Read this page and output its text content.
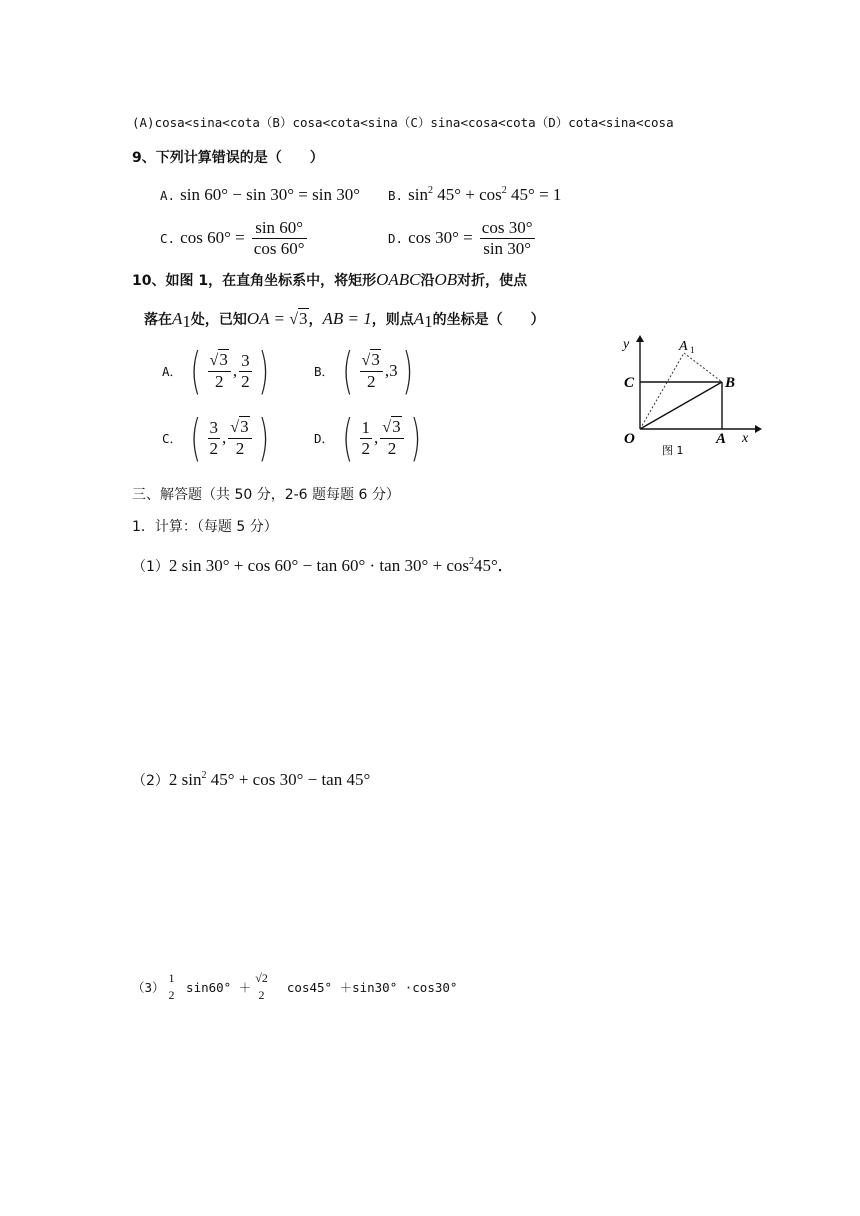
(A)cosa<sina<cota（B）cosa<cota<sina（C）sina<cosa<cota（D）cota<sina<cosa
9、下列计算错误的是（　　）
A. sin 60° − sin 30° = sin 30° B. $\sin^2 45^\circ + \cos^2 45^\circ = 1$
C. $\cos 60^\circ = \frac{\sin 60^\circ}{\cos 60^\circ}$	D. $\cos 30^\circ = \frac{\cos 30^\circ}{\sin 30^\circ}$
10、如图 1，在直角坐标系中，将矩形OABC沿OB对折，使点
落在$A_1$处，已知OA = √3，AB = 1，则点$A_1$的坐标是（　　）
A． ( $\frac{√3}{2}$ , $\frac{3}{2}$ )	B． ( $\frac{√3}{2}$ , 3 )
C． ( $\frac{3}{2}$ , $\frac{√3}{2}$ )	D． ( $\frac{1}{2}$ , $\frac{√3}{2}$ )
y
x
O	A
B
C
A 1
图 1
三、解答题（共 50 分，2-6 题每题 6 分）
1．计算：（每题 5 分）
（1）2 $\sin 30^\circ + \cos 60^\circ - \tan 60^\circ \cdot \tan 30^\circ + \cos^245^\circ$．
（2）2 $\sin^2 45^\circ + \cos 30^\circ - \tan 45^\circ$
（3）
1
2 sin60° ＋
√2
2 cos45° ＋sin30° ·cos30°
